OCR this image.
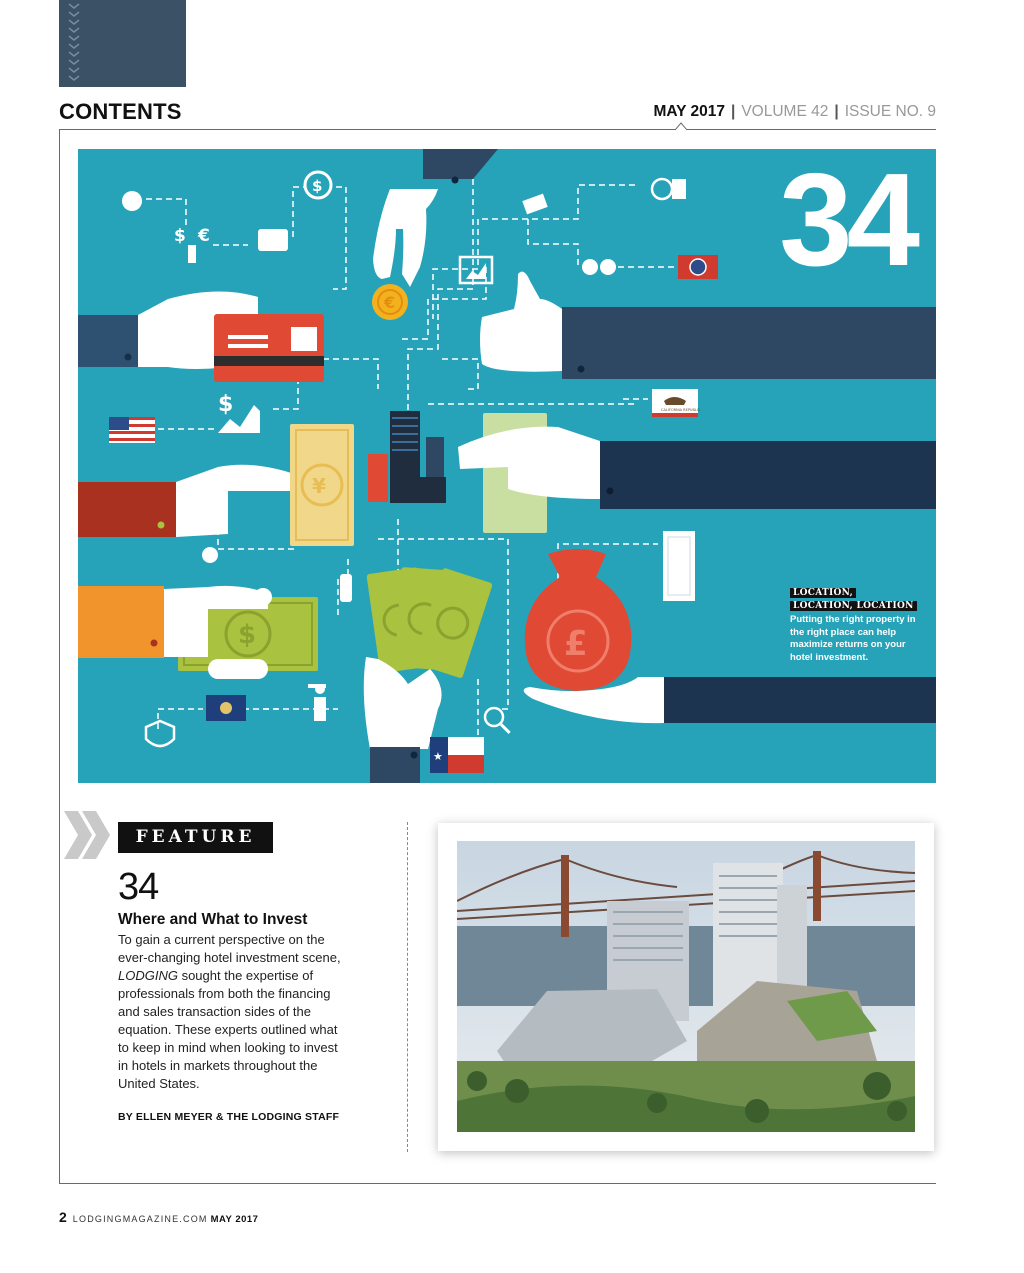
CONTENTS	MAY 2017 | VOLUME 42 | ISSUE NO. 9
€
¥
$	£
CALIFORNIA REPUBLIC
★
$
$ €
$
34
LOCATION,
LOCATION, LOCATION
Putting the right property in the right place can help maximize returns on your hotel investment.
FEATURE
34
Where and What to Invest
To gain a current perspective on the ever-changing hotel investment scene, LODGING sought the expertise of professionals from both the financing and sales transaction sides of the equation. These experts outlined what to keep in mind when looking to invest in hotels in markets throughout the United States.
BY ELLEN MEYER & THE LODGING STAFF
2 LODGINGMAGAZINE.COM MAY 2017
